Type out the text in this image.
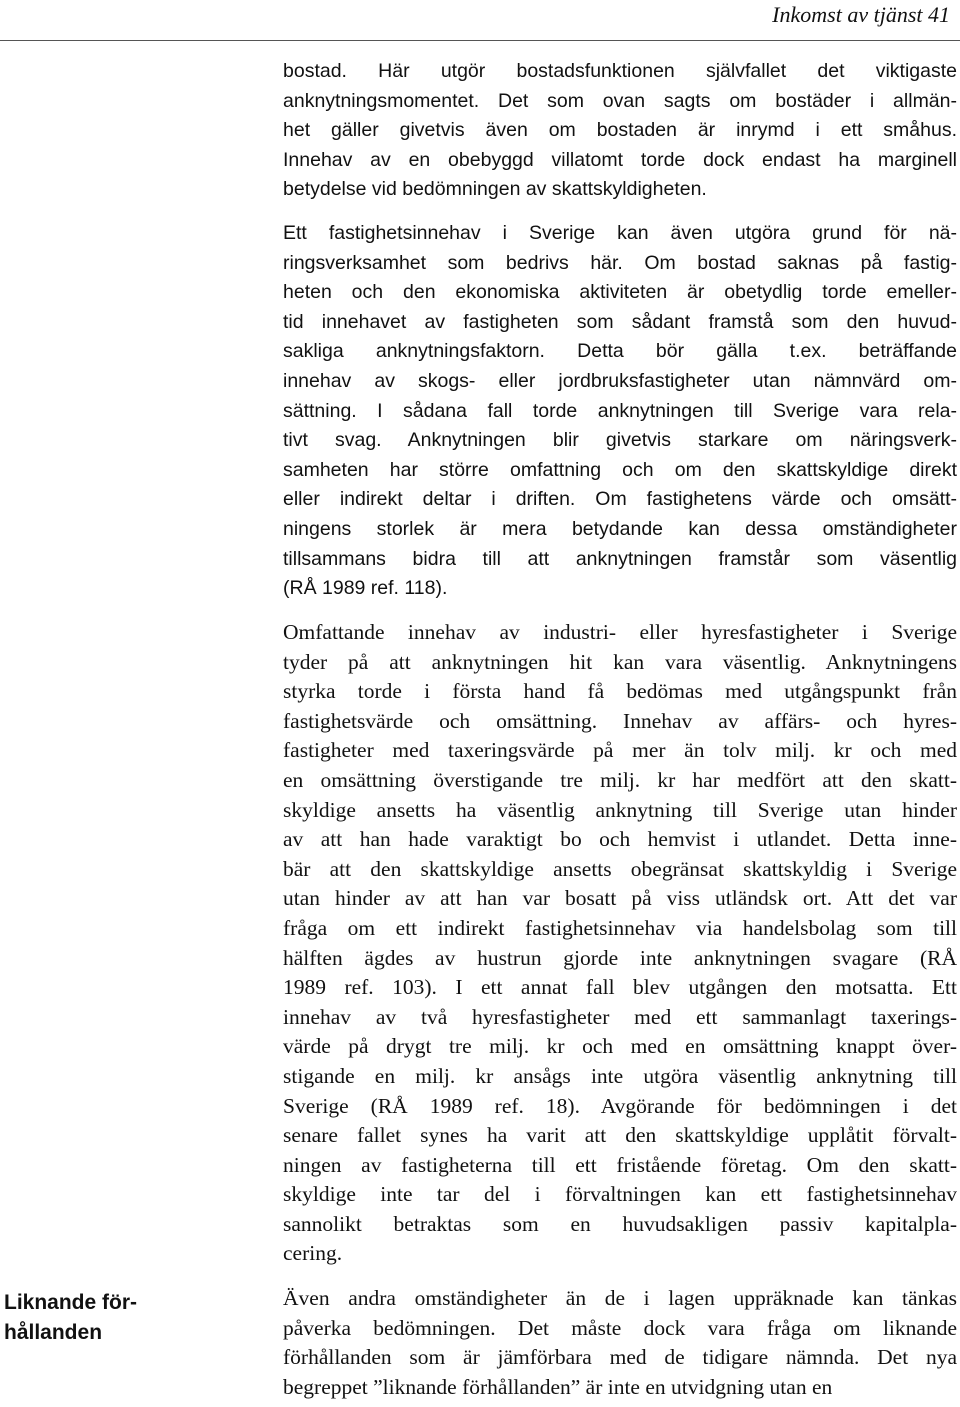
Inkomst av tjänst 41
Liknande för-
hållanden
bostad. Här utgör bostadsfunktionen självfallet det viktigaste
anknytningsmomentet. Det som ovan sagts om bostäder i allmän-
het gäller givetvis även om bostaden är inrymd i ett småhus.
Innehav av en obebyggd villatomt torde dock endast ha marginell
betydelse vid bedömningen av skattskyldigheten.
Ett fastighetsinnehav i Sverige kan även utgöra grund för nä-
ringsverksamhet som bedrivs här. Om bostad saknas på fastig-
heten och den ekonomiska aktiviteten är obetydlig torde emeller-
tid innehavet av fastigheten som sådant framstå som den huvud-
sakliga anknytningsfaktorn. Detta bör gälla t.ex. beträffande
innehav av skogs- eller jordbruksfastigheter utan nämnvärd om-
sättning. I sådana fall torde anknytningen till Sverige vara rela-
tivt svag. Anknytningen blir givetvis starkare om näringsverk-
samheten har större omfattning och om den skattskyldige direkt
eller indirekt deltar i driften. Om fastighetens värde och omsätt-
ningens storlek är mera betydande kan dessa omständigheter
tillsammans bidra till att anknytningen framstår som väsentlig
(RÅ 1989 ref. 118).
Omfattande innehav av industri- eller hyresfastigheter i Sverige
tyder på att anknytningen hit kan vara väsentlig. Anknytningens
styrka torde i första hand få bedömas med utgångspunkt från
fastighetsvärde och omsättning. Innehav av affärs- och hyres-
fastigheter med taxeringsvärde på mer än tolv milj. kr och med
en omsättning överstigande tre milj. kr har medfört att den skatt-
skyldige ansetts ha väsentlig anknytning till Sverige utan hinder
av att han hade varaktigt bo och hemvist i utlandet. Detta inne-
bär att den skattskyldige ansetts obegränsat skattskyldig i Sverige
utan hinder av att han var bosatt på viss utländsk ort. Att det var
fråga om ett indirekt fastighetsinnehav via handelsbolag som till
hälften ägdes av hustrun gjorde inte anknytningen svagare (RÅ
1989 ref. 103). I ett annat fall blev utgången den motsatta. Ett
innehav av två hyresfastigheter med ett sammanlagt taxerings-
värde på drygt tre milj. kr och med en omsättning knappt över-
stigande en milj. kr ansågs inte utgöra väsentlig anknytning till
Sverige (RÅ 1989 ref. 18). Avgörande för bedömningen i det
senare fallet synes ha varit att den skattskyldige upplåtit förvalt-
ningen av fastigheterna till ett fristående företag. Om den skatt-
skyldige inte tar del i förvaltningen kan ett fastighetsinnehav
sannolikt betraktas som en huvudsakligen passiv kapitalpla-
cering.
Även andra omständigheter än de i lagen uppräknade kan tänkas
påverka bedömningen. Det måste dock vara fråga om liknande
förhållanden som är jämförbara med de tidigare nämnda. Det nya
begreppet ”liknande förhållanden” är inte en utvidgning utan en
